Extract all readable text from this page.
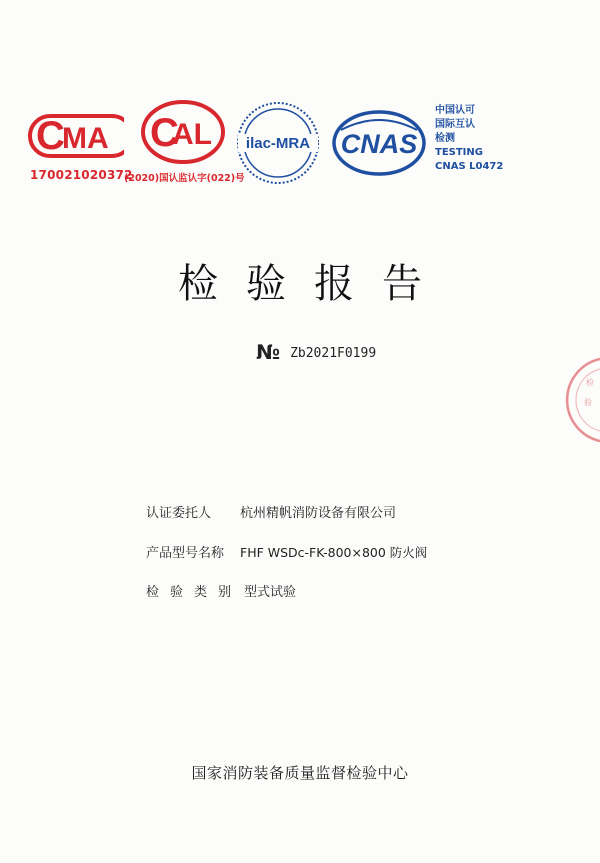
C
MA
170021020372
C
AL
(2020)国认监认字(022)号
ilac-MRA CNAS
中国认可
国际互认
检测
TESTING
CNAS L0472
检验报告
№ Zb2021F0199
认证委托人 杭州精帆消防设备有限公司
产品型号名称 FHF WSDc-FK-800×800 防火阀
检验类别 型式试验
国家消防装备质量监督检验中心
检
验
